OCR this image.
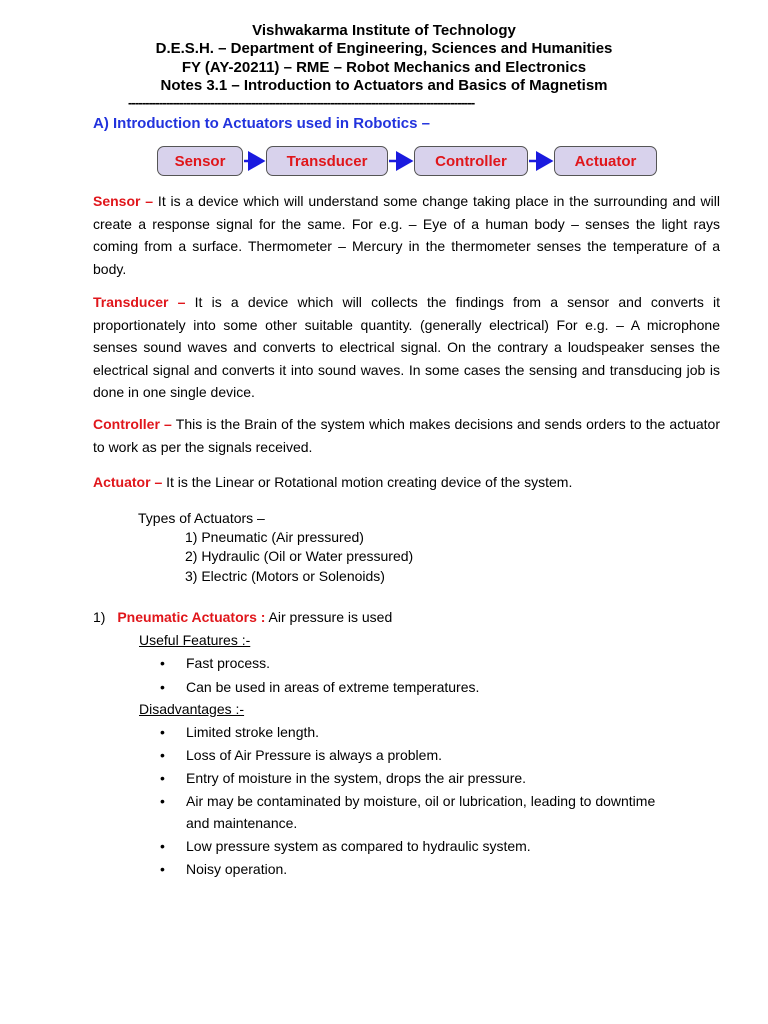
Vishwakarma Institute of Technology
D.E.S.H. – Department of Engineering, Sciences and Humanities
FY (AY-20211) – RME – Robot Mechanics and Electronics
Notes 3.1 – Introduction to Actuators and Basics of Magnetism
-----------------------------------------------------------------------------------------------------
A) Introduction to Actuators used in Robotics –
Sensor	Transducer	Controller	Actuator
Sensor – It is a device which will understand some change taking place in the surrounding and will create a response signal for the same. For e.g. – Eye of a human body – senses the light rays coming from a surface. Thermometer – Mercury in the thermometer senses the temperature of a body.
Transducer – It is a device which will collects the findings from a sensor and converts it proportionately into some other suitable quantity. (generally electrical) For e.g. – A microphone senses sound waves and converts to electrical signal. On the contrary a loudspeaker senses the electrical signal and converts it into sound waves. In some cases the sensing and transducing job is done in one single device.
Controller – This is the Brain of the system which makes decisions and sends orders to the actuator to work as per the signals received.
Actuator – It is the Linear or Rotational motion creating device of the system.
Types of Actuators –
1) Pneumatic (Air pressured)
2) Hydraulic (Oil or Water pressured)
3) Electric (Motors or Solenoids)
1) Pneumatic Actuators : Air pressure is used
Useful Features :-
• Fast process.
• Can be used in areas of extreme temperatures.
Disadvantages :-
• Limited stroke length.
• Loss of Air Pressure is always a problem.
• Entry of moisture in the system, drops the air pressure.
• Air may be contaminated by moisture, oil or lubrication, leading to downtime
and maintenance.
• Low pressure system as compared to hydraulic system.
• Noisy operation.
